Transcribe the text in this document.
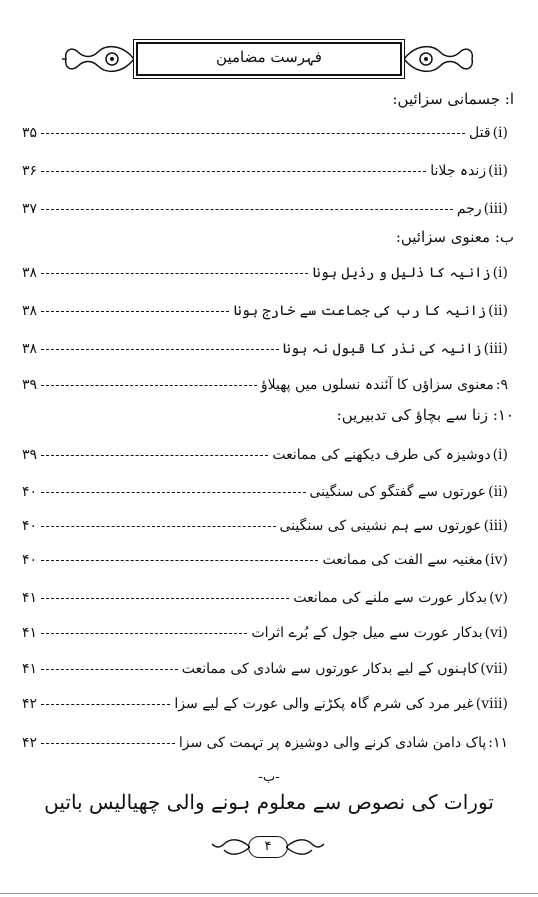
فہرست مضامین
ا: جسمانی سزائیں:
ب: معنوی سزائیں:
۱۰: زنا سے بچاؤ کی تدبیریں:
(i)
قتل
۳۵
(ii)
زندہ جلانا
۳۶
(iii)
رجم
۳۷
(i)
زانیہ کا ذلیل و رذیل ہونا
۳۸
(ii)
زانیہ کا رب کی جماعت سے خارج ہونا
۳۸
(iii)
زانیہ کی نذر کا قبول نہ ہونا
۳۸
۹:
معنوی سزاؤں کا آئندہ نسلوں میں پھیلاؤ
۳۹
(i)
دوشیزہ کی طرف دیکھنے کی ممانعت
۳۹
(ii)
عورتوں سے گفتگو کی سنگینی
۴۰
(iii)
عورتوں سے ہم نشینی کی سنگینی
۴۰
(iv)
مغنیہ سے الفت کی ممانعت
۴۰
(v)
بدکار عورت سے ملنے کی ممانعت
۴۱
(vi)
بدکار عورت سے میل جول کے بُرے اثرات
۴۱
(vii)
کاہنوں کے لیے بدکار عورتوں سے شادی کی ممانعت
۴۱
(viii)
غیر مرد کی شرم گاہ پکڑنے والی عورت کے لیے سزا
۴۲
۱۱:
پاک دامن شادی کرنے والی دوشیزہ پر تہمت کی سزا
۴۲
-ب-
تورات کی نصوص سے معلوم ہونے والی چھیالیس باتیں
۴
